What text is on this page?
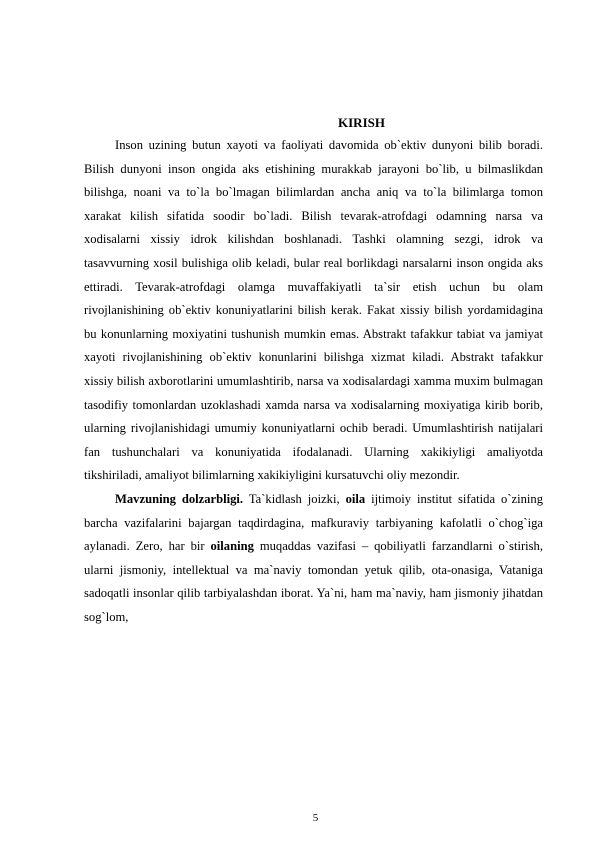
KIRISH

Inson uzining butun xayoti va faoliyati davomida ob`ektiv dunyoni bilib boradi. Bilish dunyoni inson ongida aks etishining murakkab jarayoni bo`lib, u bilmaslikdan bilishga, noani va to`la bo`lmagan bilimlardan ancha aniq va to`la bilimlarga tomon xarakat kilish sifatida soodir bo`ladi. Bilish tevarak-atrofdagi odamning narsa va xodisalarni xissiy idrok kilishdan boshlanadi. Tashki olamning sezgi, idrok va tasavvurning xosil bulishiga olib keladi, bular real borlikdagi narsalarni inson ongida aks ettiradi. Tevarak-atrofdagi olamga muvaffakiyatli ta`sir etish uchun bu olam rivojlanishining ob`ektiv konuniyatlarini bilish kerak. Fakat xissiy bilish yordamidagina bu konunlarning moxiyatini tushunish mumkin emas. Abstrakt tafakkur tabiat va jamiyat xayoti rivojlanishining ob`ektiv konunlarini bilishga xizmat kiladi. Abstrakt tafakkur xissiy bilish axborotlarini umumlashtirib, narsa va xodisalardagi xamma muxim bulmagan tasodifiy tomonlardan uzoklashadi xamda narsa va xodisalarning moxiyatiga kirib borib, ularning rivojlanishidagi umumiy konuniyatlarni ochib beradi. Umumlashtirish natijalari fan tushunchalari va konuniyatida ifodalanadi. Ularning xakikiyligi amaliyotda tikshiriladi, amaliyot bilimlarning xakikiyligini kursatuvchi oliy mezondir.

Mavzuning dolzarbligi. Ta`kidlash joizki, oila ijtimoiy institut sifatida o`zining barcha vazifalarini bajargan taqdirdagina, mafkuraviy tarbiyaning kafolatli o`chog`iga aylanadi. Zero, har bir oilaning muqaddas vazifasi – qobiliyatli farzandlarni o`stirish, ularni jismoniy, intellektual va ma`naviy tomondan yetuk qilib, ota-onasiga, Vataniga sadoqatli insonlar qilib tarbiyalashdan iborat. Ya`ni, ham ma`naviy, ham jismoniy jihatdan sog`lom,

5
